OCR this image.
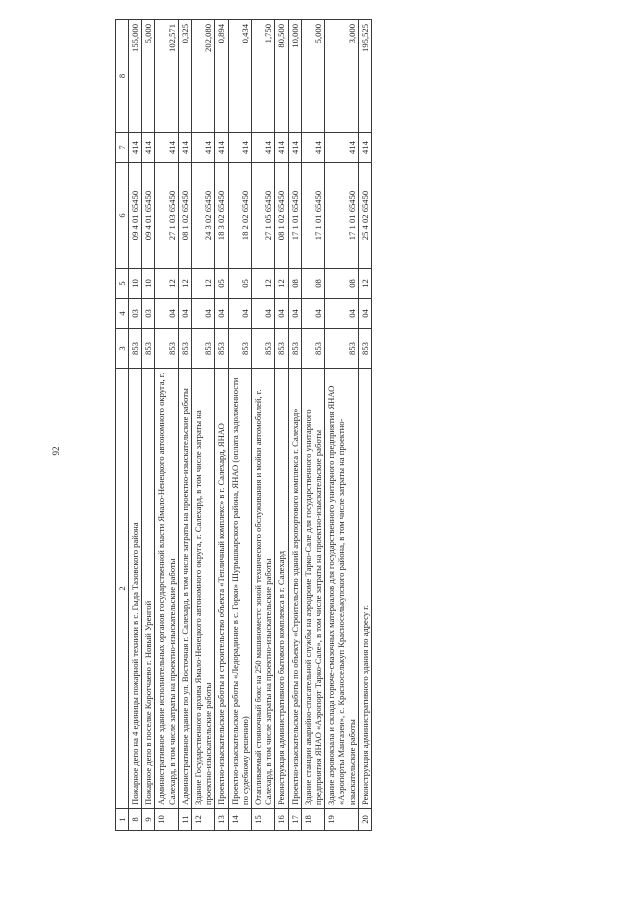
92
1	2	3	4	5	6	7	8
8	Пожарное депо на 4 единицы пожарной техники в с. Гыда Тазовского района	853	03	10	09 4 01 65450	414	155,000
9	Пожарное депо в поселке Коротчаево г. Новый Уренгой	853	03	10	09 4 01 65450	414	5,000
10	Административное здание исполнительных органов государственной власти Ямало-Ненецкого автономного округа, г. Салехард, в том числе затраты на проектно-изыскательские работы	853	04	12	27 1 03 65450	414	102,571
11	Административное здание по ул. Восточная г. Салехард, в том числе затраты на проектно-изыскательские работы	853	04	12	08 1 02 65450	414	0,325
12	Здание Государственного архива Ямало-Ненецкого автономного округа, г. Салехард, в том числе затраты на проектно-изыскательские работы	853	04	12	24 3 02 65450	414	202,080
13	Проектно-изыскательские работы и строительство объекта «Тепличный комплекс» в г. Салехард, ЯНАО	853	04	05	18 3 02 65450	414	0,894
14	Проектно-изыскательские работы «Ледорадиние в с. Горки» Шурышкарского района, ЯНАО (оплата задолженности по судебному решению)	853	04	05	18 2 02 65450	414	0,434
15	Отапливаемый стояночный бокс на 250 машиноместс зоной технического обслуживания и мойки автомобилей, г. Салехард, в том числе затраты на проектно-изыскательские работы	853	04	12	27 1 05 65450	414	1,750
16	Реконструкция административного бытового комплекса в г. Салехард	853	04	12	08 1 02 65450	414	80,500
17	Проектно-изыскательские работы по объекту «Строительство зданий аэропортового комплекса г. Салехард»	853	04	08	17 1 01 65450	414	10,000
18	Здание станции аварийно-спасательной службы на аэродроме Тарко-Сале для государственного унитарного предприятия ЯНАО «Аэропорт Тарко-Сале», в том числе затраты на проектно-изыскательские работы	853	04	08	17 1 01 65450	414	5,000
19	Здание аэровокзала и склада горюче-смазочных материалов для государственного унитарного предприятия ЯНАО «Аэропорты Мангазеи», с. Красноселькуп Красноселькупского района, в том числе затраты на проектно-изыскательские работы	853	04	08	17 1 01 65450	414	3,000
20	Реконструкция административного здания по адресу г.	853	04	12	25 4 02 65450	414	195,525
